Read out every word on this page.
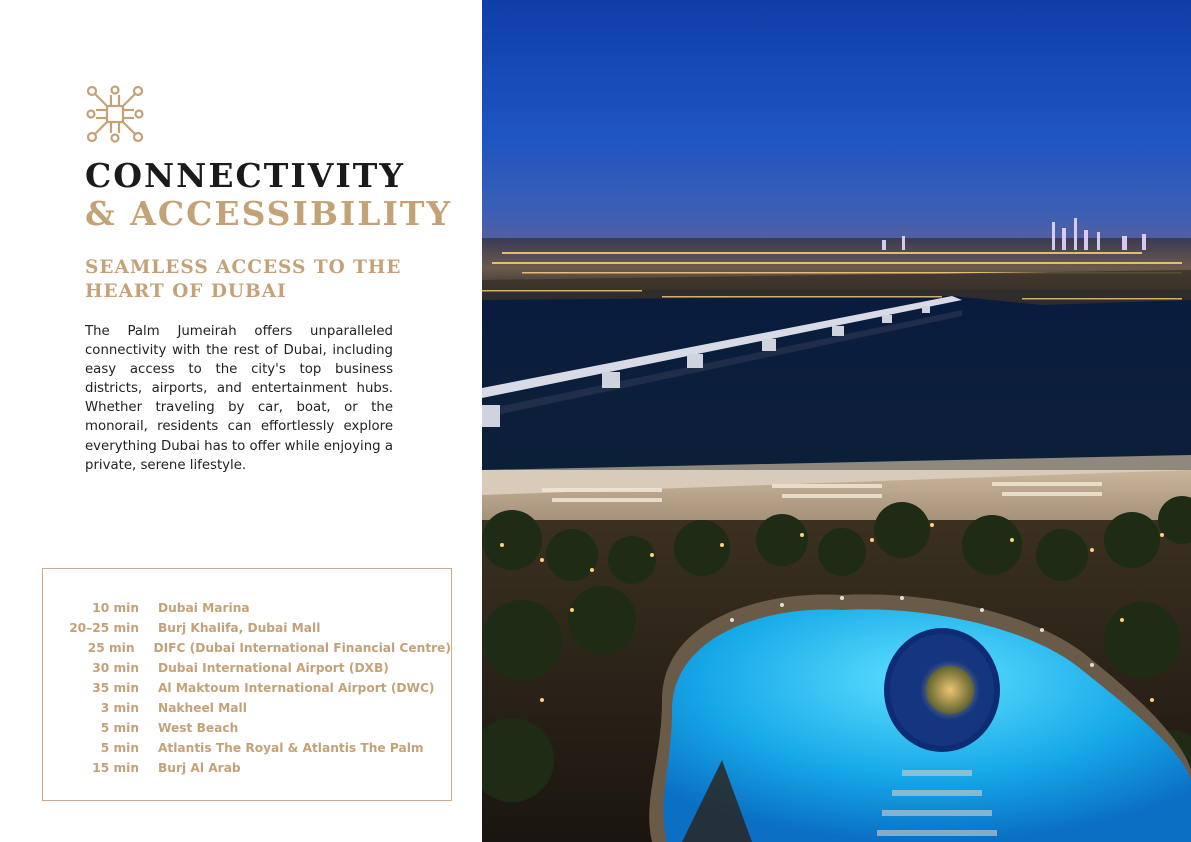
CONNECTIVITY
& ACCESSIBILITY
SEAMLESS ACCESS TO THE
HEART OF DUBAI

The Palm Jumeirah offers unparalleled connectivity with the rest of Dubai, including easy access to the city's top business districts, airports, and entertainment hubs. Whether traveling by car, boat, or the monorail, residents can effortlessly explore everything Dubai has to offer while enjoying a private, serene lifestyle.

10 min Dubai Marina
20–25 min Burj Khalifa, Dubai Mall
25 min DIFC (Dubai International Financial Centre)
30 min Dubai International Airport (DXB)
35 min Al Maktoum International Airport (DWC)
3 min Nakheel Mall
5 min West Beach
5 min Atlantis The Royal & Atlantis The Palm
15 min Burj Al Arab
